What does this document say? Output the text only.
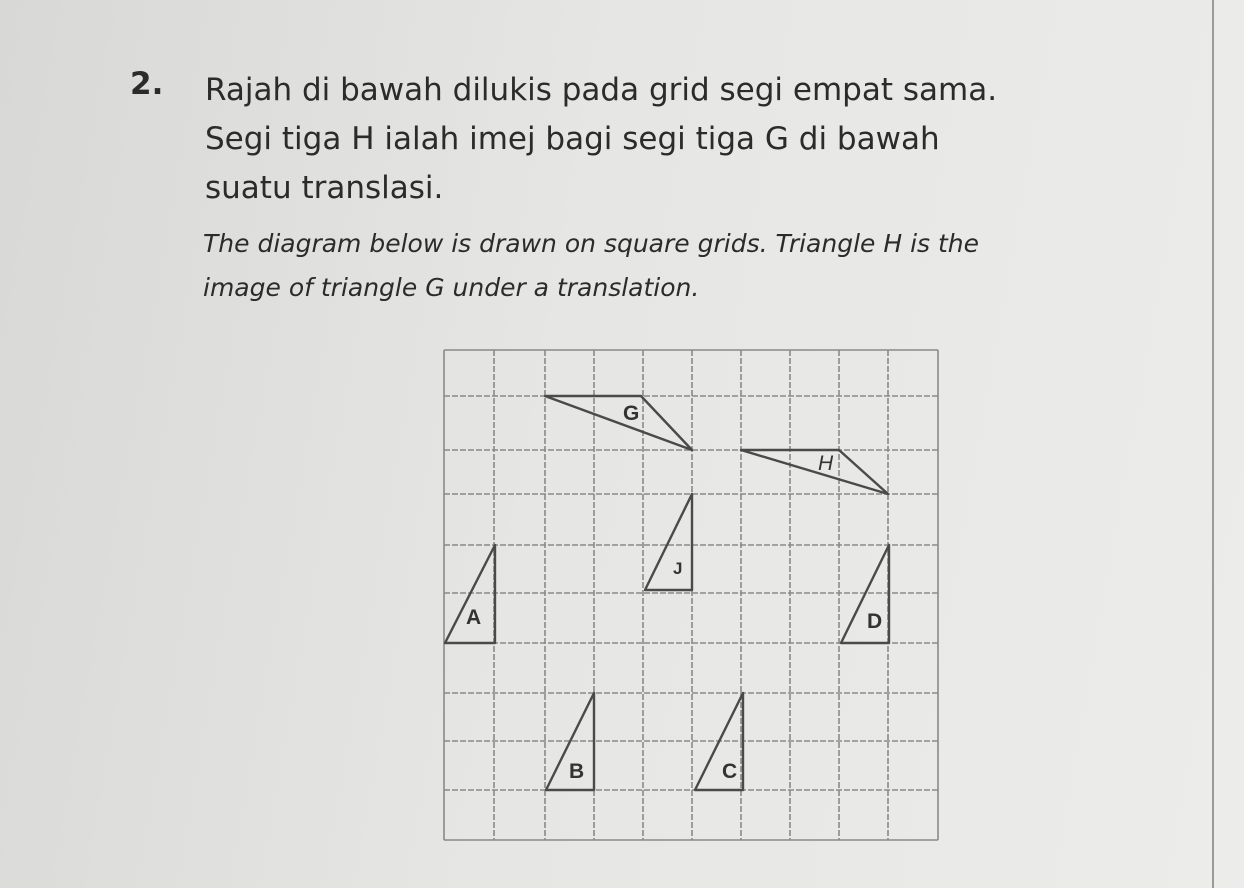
2. Rajah di bawah dilukis pada grid segi empat sama.
Segi tiga H ialah imej bagi segi tiga G di bawah
suatu translasi.
The diagram below is drawn on square grids. Triangle H is the
image of triangle G under a translation.
G
H
J
A
B	C
D
